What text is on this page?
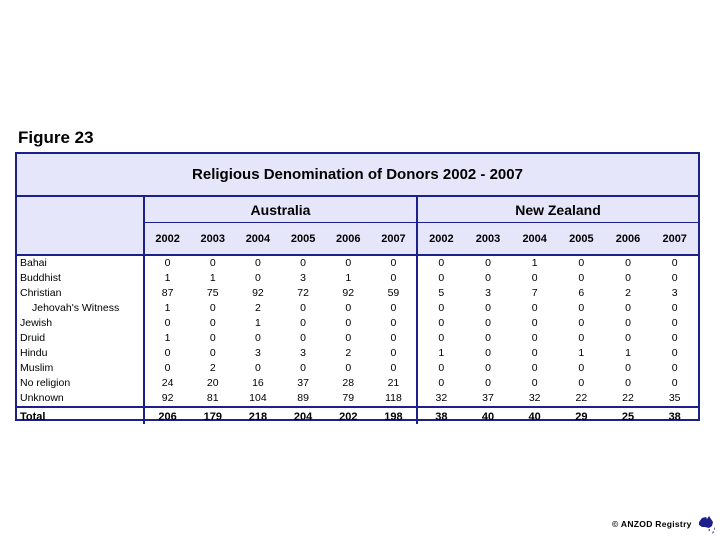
Figure 23
Religious Denomination of Donors 2002 - 2007
Australia
2002	2003	2004	2005	2006	2007
New Zealand
2002	2003	2004	2005	2006	2007
Bahai	0	0	0	0	0	0	0	0	1	0	0	0
Buddhist	1	1	0	3	1	0	0	0	0	0	0	0
Christian	87	75	92	72	92	59	5	3	7	6	2	3
Jehovah's Witness	1	0	2	0	0	0	0	0	0	0	0	0
Jewish	0	0	1	0	0	0	0	0	0	0	0	0
Druid	1	0	0	0	0	0	0	0	0	0	0	0
Hindu	0	0	3	3	2	0	1	0	0	1	1	0
Muslim	0	2	0	0	0	0	0	0	0	0	0	0
No religion	24	20	16	37	28	21	0	0	0	0	0	0
Unknown	92	81	104	89	79	118	32	37	32	22	22	35
Total	206	179	218	204	202	198	38	40	40	29	25	38
© ANZOD Registry
